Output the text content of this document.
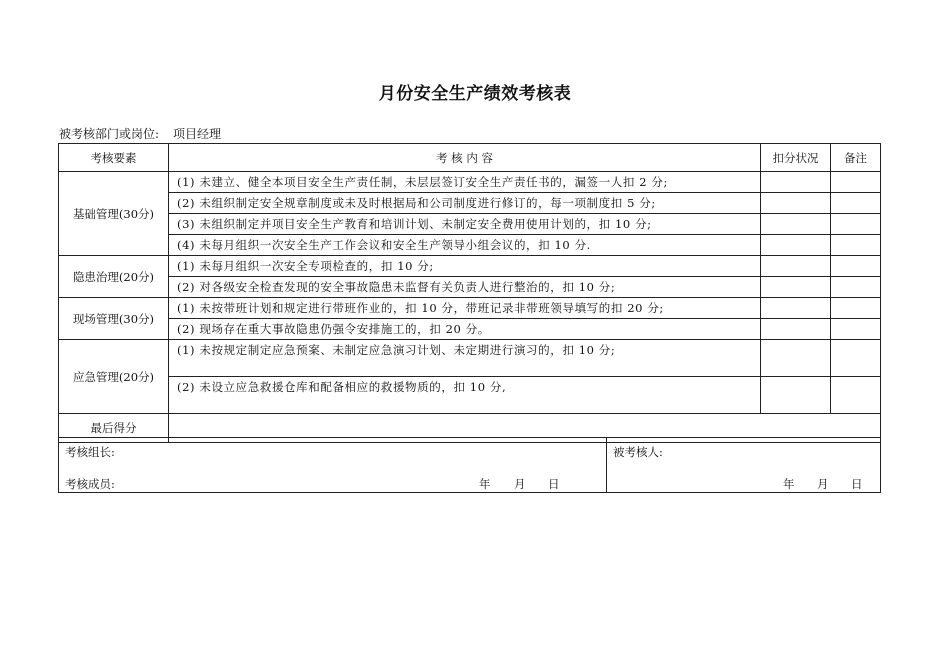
月份安全生产绩效考核表
被考核部门或岗位: 项目经理
考核要素	考 核 内 容	扣分状况	备注
基础管理(30分)	(1) 未建立、健全本项目安全生产责任制，未层层签订安全生产责任书的，漏签一人扣 2 分;		
	(2) 未组织制定安全规章制度或未及时根据局和公司制度进行修订的，每一项制度扣 5 分;		
	(3) 未组织制定并项目安全生产教育和培训计划、未制定安全费用使用计划的，扣 10 分;		
	(4) 未每月组织一次安全生产工作会议和安全生产领导小组会议的，扣 10 分.		
隐患治理(20分)	(1) 未每月组织一次安全专项检查的，扣 10 分;		
	(2) 对各级安全检查发现的安全事故隐患未监督有关负责人进行整治的，扣 10 分;		
现场管理(30分)	(1) 未按带班计划和规定进行带班作业的，扣 10 分，带班记录非带班领导填写的扣 20 分;		
	(2) 现场存在重大事故隐患仍强令安排施工的，扣 20 分。		
应急管理(20分)	(1) 未按规定制定应急预案、未制定应急演习计划、未定期进行演习的，扣 10 分;		
	(2) 未设立应急救援仓库和配备相应的救援物质的，扣 10 分,		
最后得分			
考核组长:
考核成员:	年 月 日

被考核人:
年 月 日
